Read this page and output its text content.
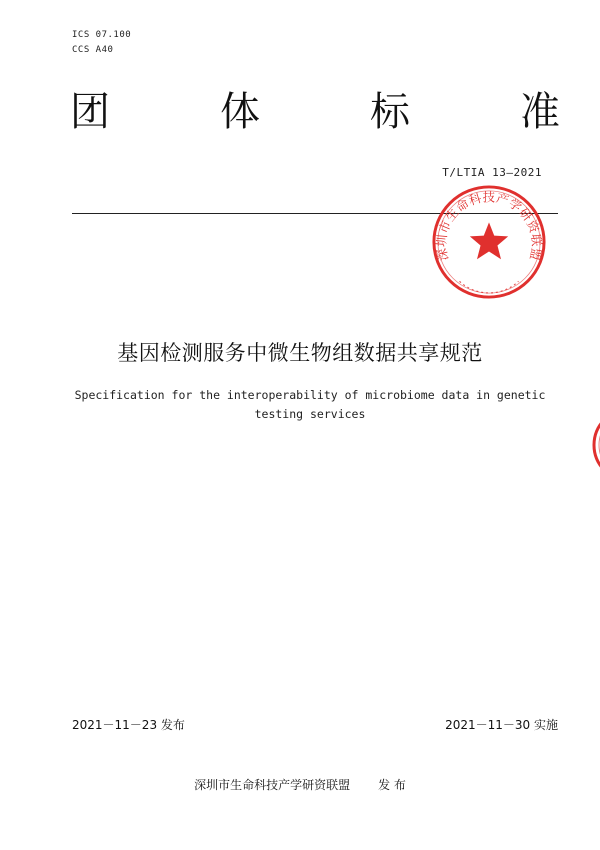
ICS 07.100
CCS A40
团	体	标	准
T/LTIA 13—2021
深圳市生命科技产学研资联盟
基因检测服务中微生物组数据共享规范
Specification for the interoperability of microbiome data in genetic
testing services
2021－11－23 发布	2021－11－30 实施
深圳市生命科技产学研资联盟 发 布
